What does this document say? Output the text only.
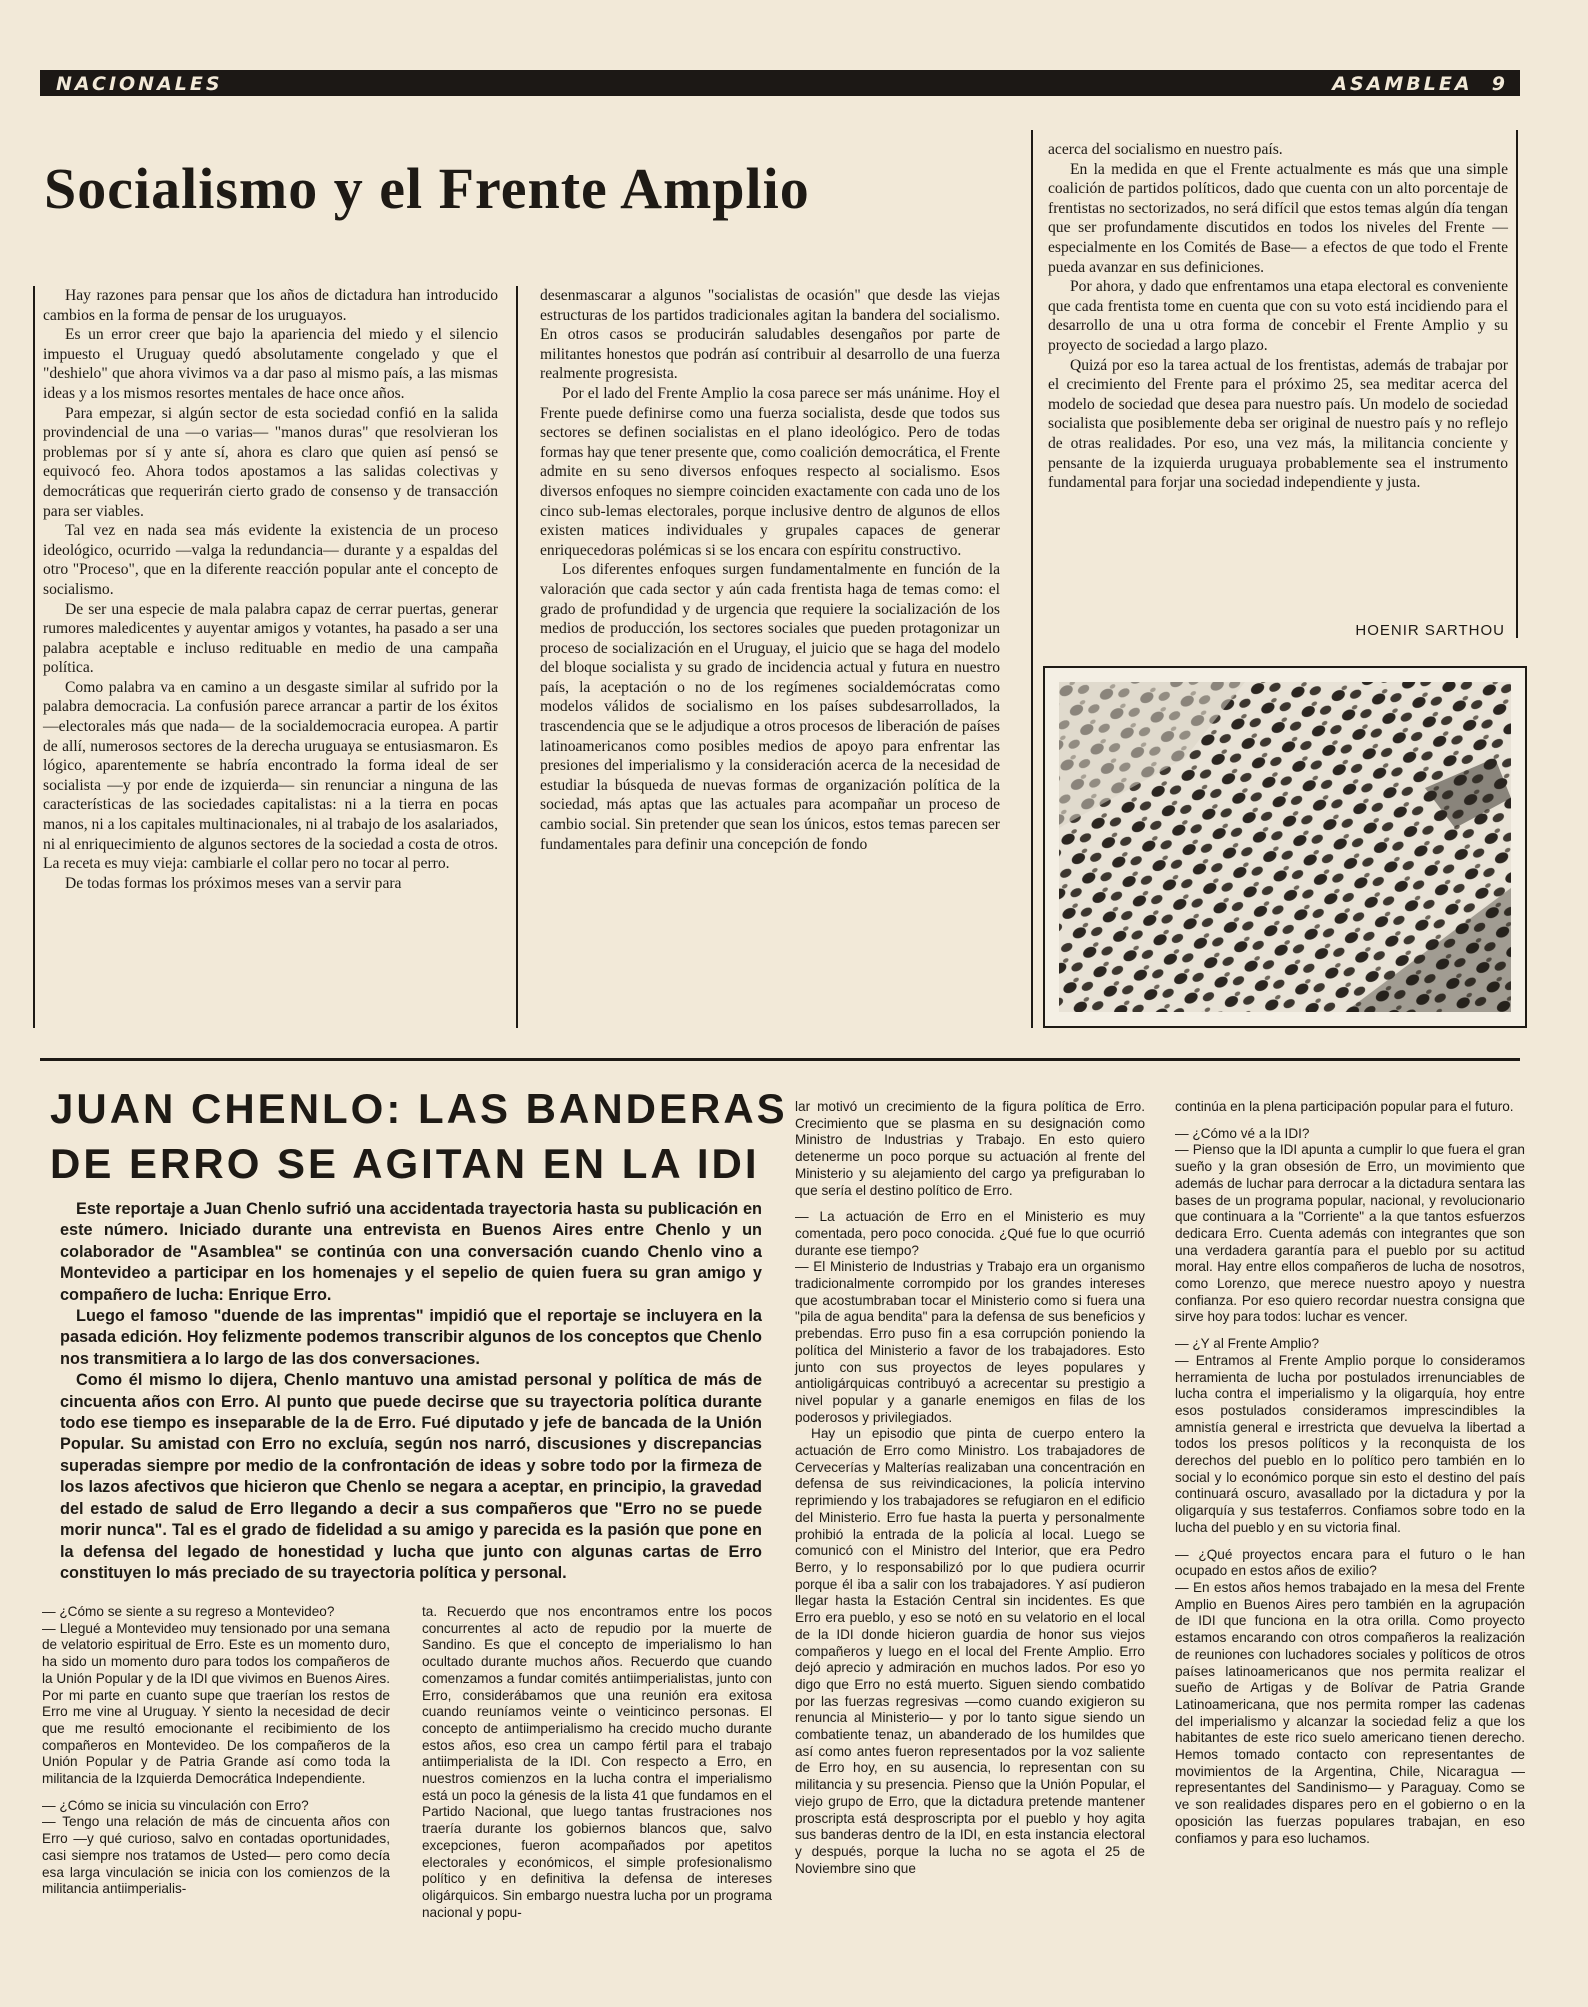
NACIONALES	ASAMBLEA 9
Socialismo y el Frente Amplio

Hay razones para pensar que los años de dictadura han introducido cambios en la forma de pensar de los uruguayos.

Es un error creer que bajo la apariencia del miedo y el silencio impuesto el Uruguay quedó absolutamente congelado y que el "deshielo" que ahora vivimos va a dar paso al mismo país, a las mismas ideas y a los mismos resortes mentales de hace once años.

Para empezar, si algún sector de esta sociedad confió en la salida provindencial de una —o varias— "manos duras" que resolvieran los problemas por sí y ante sí, ahora es claro que quien así pensó se equivocó feo. Ahora todos apostamos a las salidas colectivas y democráticas que requerirán cierto grado de consenso y de transacción para ser viables.

Tal vez en nada sea más evidente la existencia de un proceso ideológico, ocurrido —valga la redundancia— durante y a espaldas del otro "Proceso", que en la diferente reacción popular ante el concepto de socialismo.

De ser una especie de mala palabra capaz de cerrar puertas, generar rumores maledicentes y auyentar amigos y votantes, ha pasado a ser una palabra aceptable e incluso redituable en medio de una campaña política.

Como palabra va en camino a un desgaste similar al sufrido por la palabra democracia. La confusión parece arrancar a partir de los éxitos —electorales más que nada— de la socialdemocracia europea. A partir de allí, numerosos sectores de la derecha uruguaya se entusiasmaron. Es lógico, aparentemente se habría encontrado la forma ideal de ser socialista —y por ende de izquierda— sin renunciar a ninguna de las características de las sociedades capitalistas: ni a la tierra en pocas manos, ni a los capitales multinacionales, ni al trabajo de los asalariados, ni al enriquecimiento de algunos sectores de la sociedad a costa de otros. La receta es muy vieja: cambiarle el collar pero no tocar al perro.

De todas formas los próximos meses van a servir para

desenmascarar a algunos "socialistas de ocasión" que desde las viejas estructuras de los partidos tradicionales agitan la bandera del socialismo. En otros casos se producirán saludables desengaños por parte de militantes honestos que podrán así contribuir al desarrollo de una fuerza realmente progresista.

Por el lado del Frente Amplio la cosa parece ser más unánime. Hoy el Frente puede definirse como una fuerza socialista, desde que todos sus sectores se definen socialistas en el plano ideológico. Pero de todas formas hay que tener presente que, como coalición democrática, el Frente admite en su seno diversos enfoques respecto al socialismo. Esos diversos enfoques no siempre coinciden exactamente con cada uno de los cinco sub-lemas electorales, porque inclusive dentro de algunos de ellos existen matices individuales y grupales capaces de generar enriquecedoras polémicas si se los encara con espíritu constructivo.

Los diferentes enfoques surgen fundamentalmente en función de la valoración que cada sector y aún cada frentista haga de temas como: el grado de profundidad y de urgencia que requiere la socialización de los medios de producción, los sectores sociales que pueden protagonizar un proceso de socialización en el Uruguay, el juicio que se haga del modelo del bloque socialista y su grado de incidencia actual y futura en nuestro país, la aceptación o no de los regímenes socialdemócratas como modelos válidos de socialismo en los países subdesarrollados, la trascendencia que se le adjudique a otros procesos de liberación de países latinoamericanos como posibles medios de apoyo para enfrentar las presiones del imperialismo y la consideración acerca de la necesidad de estudiar la búsqueda de nuevas formas de organización política de la sociedad, más aptas que las actuales para acompañar un proceso de cambio social. Sin pretender que sean los únicos, estos temas parecen ser fundamentales para definir una concepción de fondo

acerca del socialismo en nuestro país.

En la medida en que el Frente actualmente es más que una simple coalición de partidos políticos, dado que cuenta con un alto porcentaje de frentistas no sectorizados, no será difícil que estos temas algún día tengan que ser profundamente discutidos en todos los niveles del Frente —especialmente en los Comités de Base— a efectos de que todo el Frente pueda avanzar en sus definiciones.

Por ahora, y dado que enfrentamos una etapa electoral es conveniente que cada frentista tome en cuenta que con su voto está incidiendo para el desarrollo de una u otra forma de concebir el Frente Amplio y su proyecto de sociedad a largo plazo.

Quizá por eso la tarea actual de los frentistas, además de trabajar por el crecimiento del Frente para el próximo 25, sea meditar acerca del modelo de sociedad que desea para nuestro país. Un modelo de sociedad socialista que posiblemente deba ser original de nuestro país y no reflejo de otras realidades. Por eso, una vez más, la militancia conciente y pensante de la izquierda uruguaya probablemente sea el instrumento fundamental para forjar una sociedad independiente y justa.

HOENIR SARTHOU
JUAN CHENLO: LAS BANDERAS
DE ERRO SE AGITAN EN LA IDI

Este reportaje a Juan Chenlo sufrió una accidentada trayectoria hasta su publicación en este número. Iniciado durante una entrevista en Buenos Aires entre Chenlo y un colaborador de "Asamblea" se continúa con una conversación cuando Chenlo vino a Montevideo a participar en los homenajes y el sepelio de quien fuera su gran amigo y compañero de lucha: Enrique Erro.

Luego el famoso "duende de las imprentas" impidió que el reportaje se incluyera en la pasada edición. Hoy felizmente podemos transcribir algunos de los conceptos que Chenlo nos transmitiera a lo largo de las dos conversaciones.

Como él mismo lo dijera, Chenlo mantuvo una amistad personal y política de más de cincuenta años con Erro. Al punto que puede decirse que su trayectoria política durante todo ese tiempo es inseparable de la de Erro. Fué diputado y jefe de bancada de la Unión Popular. Su amistad con Erro no excluía, según nos narró, discusiones y discrepancias superadas siempre por medio de la confrontación de ideas y sobre todo por la firmeza de los lazos afectivos que hicieron que Chenlo se negara a aceptar, en principio, la gravedad del estado de salud de Erro llegando a decir a sus compañeros que "Erro no se puede morir nunca". Tal es el grado de fidelidad a su amigo y parecida es la pasión que pone en la defensa del legado de honestidad y lucha que junto con algunas cartas de Erro constituyen lo más preciado de su trayectoria política y personal.

— ¿Cómo se siente a su regreso a Montevideo?

— Llegué a Montevideo muy tensionado por una semana de velatorio espiritual de Erro. Este es un momento duro, ha sido un momento duro para todos los compañeros de la Unión Popular y de la IDI que vivimos en Buenos Aires. Por mi parte en cuanto supe que traerían los restos de Erro me vine al Uruguay. Y siento la necesidad de decir que me resultó emocionante el recibimiento de los compañeros en Montevideo. De los compañeros de la Unión Popular y de Patria Grande así como toda la militancia de la Izquierda Democrática Independiente.

— ¿Cómo se inicia su vinculación con Erro?

— Tengo una relación de más de cincuenta años con Erro —y qué curioso, salvo en contadas oportunidades, casi siempre nos tratamos de Usted— pero como decía esa larga vinculación se inicia con los comienzos de la militancia antiimperialis-

ta. Recuerdo que nos encontramos entre los pocos concurrentes al acto de repudio por la muerte de Sandino. Es que el concepto de imperialismo lo han ocultado durante muchos años. Recuerdo que cuando comenzamos a fundar comités antiimperialistas, junto con Erro, considerábamos que una reunión era exitosa cuando reuníamos veinte o veinticinco personas. El concepto de antiimperialismo ha crecido mucho durante estos años, eso crea un campo fértil para el trabajo antiimperialista de la IDI. Con respecto a Erro, en nuestros comienzos en la lucha contra el imperialismo está un poco la génesis de la lista 41 que fundamos en el Partido Nacional, que luego tantas frustraciones nos traería durante los gobiernos blancos que, salvo excepciones, fueron acompañados por apetitos electorales y económicos, el simple profesionalismo político y en definitiva la defensa de intereses oligárquicos. Sin embargo nuestra lucha por un programa nacional y popu-

lar motivó un crecimiento de la figura política de Erro. Crecimiento que se plasma en su designación como Ministro de Industrias y Trabajo. En esto quiero detenerme un poco porque su actuación al frente del Ministerio y su alejamiento del cargo ya prefiguraban lo que sería el destino político de Erro.

— La actuación de Erro en el Ministerio es muy comentada, pero poco conocida. ¿Qué fue lo que ocurrió durante ese tiempo?

— El Ministerio de Industrias y Trabajo era un organismo tradicionalmente corrompido por los grandes intereses que acostumbraban tocar el Ministerio como si fuera una "pila de agua bendita" para la defensa de sus beneficios y prebendas. Erro puso fin a esa corrupción poniendo la política del Ministerio a favor de los trabajadores. Esto junto con sus proyectos de leyes populares y antioligárquicas contribuyó a acrecentar su prestigio a nivel popular y a ganarle enemigos en filas de los poderosos y privilegiados.

Hay un episodio que pinta de cuerpo entero la actuación de Erro como Ministro. Los trabajadores de Cervecerías y Malterías realizaban una concentración en defensa de sus reivindicaciones, la policía intervino reprimiendo y los trabajadores se refugiaron en el edificio del Ministerio. Erro fue hasta la puerta y personalmente prohibió la entrada de la policía al local. Luego se comunicó con el Ministro del Interior, que era Pedro Berro, y lo responsabilizó por lo que pudiera ocurrir porque él iba a salir con los trabajadores. Y así pudieron llegar hasta la Estación Central sin incidentes. Es que Erro era pueblo, y eso se notó en su velatorio en el local de la IDI donde hicieron guardia de honor sus viejos compañeros y luego en el local del Frente Amplio. Erro dejó aprecio y admiración en muchos lados. Por eso yo digo que Erro no está muerto. Siguen siendo combatido por las fuerzas regresivas —como cuando exigieron su renuncia al Ministerio— y por lo tanto sigue siendo un combatiente tenaz, un abanderado de los humildes que así como antes fueron representados por la voz saliente de Erro hoy, en su ausencia, lo representan con su militancia y su presencia. Pienso que la Unión Popular, el viejo grupo de Erro, que la dictadura pretende mantener proscripta está desproscripta por el pueblo y hoy agita sus banderas dentro de la IDI, en esta instancia electoral y después, porque la lucha no se agota el 25 de Noviembre sino que

continúa en la plena participación popular para el futuro.

— ¿Cómo vé a la IDI?

— Pienso que la IDI apunta a cumplir lo que fuera el gran sueño y la gran obsesión de Erro, un movimiento que además de luchar para derrocar a la dictadura sentara las bases de un programa popular, nacional, y revolucionario que continuara a la "Corriente" a la que tantos esfuerzos dedicara Erro. Cuenta además con integrantes que son una verdadera garantía para el pueblo por su actitud moral. Hay entre ellos compañeros de lucha de nosotros, como Lorenzo, que merece nuestro apoyo y nuestra confianza. Por eso quiero recordar nuestra consigna que sirve hoy para todos: luchar es vencer.

— ¿Y al Frente Amplio?

— Entramos al Frente Amplio porque lo consideramos herramienta de lucha por postulados irrenunciables de lucha contra el imperialismo y la oligarquía, hoy entre esos postulados consideramos imprescindibles la amnistía general e irrestricta que devuelva la libertad a todos los presos políticos y la reconquista de los derechos del pueblo en lo político pero también en lo social y lo económico porque sin esto el destino del país continuará oscuro, avasallado por la dictadura y por la oligarquía y sus testaferros. Confiamos sobre todo en la lucha del pueblo y en su victoria final.

— ¿Qué proyectos encara para el futuro o le han ocupado en estos años de exilio?

— En estos años hemos trabajado en la mesa del Frente Amplio en Buenos Aires pero también en la agrupación de IDI que funciona en la otra orilla. Como proyecto estamos encarando con otros compañeros la realización de reuniones con luchadores sociales y políticos de otros países latinoamericanos que nos permita realizar el sueño de Artigas y de Bolívar de Patria Grande Latinoamericana, que nos permita romper las cadenas del imperialismo y alcanzar la sociedad feliz a que los habitantes de este rico suelo americano tienen derecho. Hemos tomado contacto con representantes de movimientos de la Argentina, Chile, Nicaragua —representantes del Sandinismo— y Paraguay. Como se ve son realidades dispares pero en el gobierno o en la oposición las fuerzas populares trabajan, en eso confiamos y para eso luchamos.
